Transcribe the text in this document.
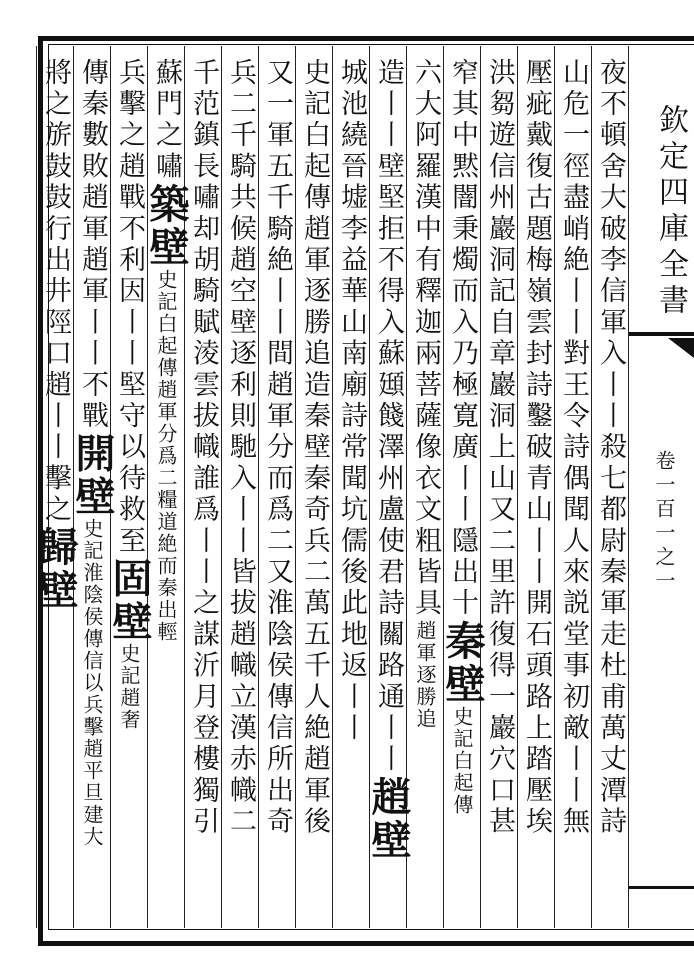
欽定四庫全書
卷一百一之一
夜不頓舍大破李信軍入丨丨殺七都尉秦軍走杜甫萬丈潭詩
山危一徑盡峭絶丨丨對王令詩偶聞人來説堂事初敵丨丨無
壓疵戴復古題梅嶺雲封詩鑿破青山丨丨開石頭路上踏壓埃
洪芻遊信州巖洞記自章巖洞上山又二里許復得一巖穴口甚
窄其中黙闇秉燭而入乃極寛廣丨丨隱出十秦壁史記白起傳
六大阿羅漢中有釋迦兩菩薩像衣文粗皆具趙軍逐勝追
造丨丨壁堅拒不得入蘇頲餞澤州盧使君詩關路通丨丨趙壁
城池繞晉墟李益華山南廟詩常聞坑儒後此地返丨丨
史記白起傳趙軍逐勝追造秦壁秦奇兵二萬五千人絶趙軍後
又一軍五千騎絶丨丨間趙軍分而爲二又淮陰侯傳信所出奇
兵二千騎共候趙空壁逐利則馳入丨丨皆拔趙幟立漢赤幟二
千范鎮長嘯却胡騎賦淩雲拔幟誰爲丨丨之謀沂月登樓獨引
蘇門之嘯築壁史記白起傳趙軍分爲二糧道絶而秦出輕
兵擊之趙戰不利因丨丨堅守以待救至固壁史記趙奢
傳秦數敗趙軍趙軍丨丨不戰開壁史記淮陰侯傳信以兵擊趙平旦建大
將之旂鼓鼓行出井陘口趙丨丨擊之歸壁
